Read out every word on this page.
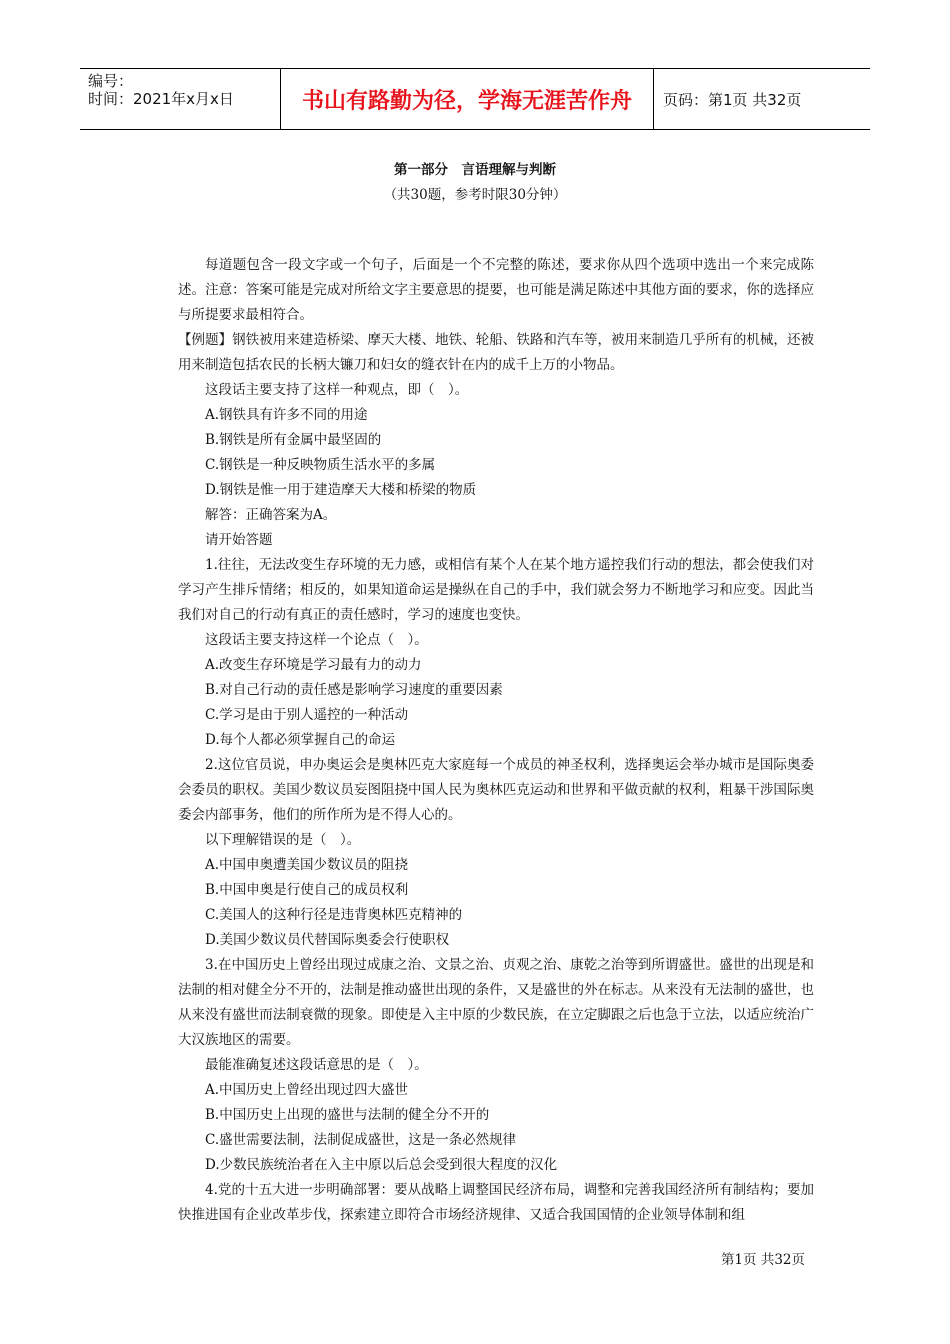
编号：
时间：2021年x月x日	书山有路勤为径，学海无涯苦作舟	页码：第1页 共32页
第一部分　言语理解与判断
（共30题，参考时限30分钟）

每道题包含一段文字或一个句子，后面是一个不完整的陈述，要求你从四个选项中选出一个来完成陈述。注意：答案可能是完成对所给文字主要意思的提要，也可能是满足陈述中其他方面的要求，你的选择应与所提要求最相符合。

【例题】钢铁被用来建造桥梁、摩天大楼、地铁、轮船、铁路和汽车等，被用来制造几乎所有的机械，还被用来制造包括农民的长柄大镰刀和妇女的缝衣针在内的成千上万的小物品。

这段话主要支持了这样一种观点，即（　）。

A.钢铁具有许多不同的用途

B.钢铁是所有金属中最坚固的

C.钢铁是一种反映物质生活水平的多属

D.钢铁是惟一用于建造摩天大楼和桥梁的物质

解答：正确答案为A。

请开始答题

1.往往，无法改变生存环境的无力感，或相信有某个人在某个地方遥控我们行动的想法，都会使我们对学习产生排斥情绪；相反的，如果知道命运是操纵在自己的手中，我们就会努力不断地学习和应变。因此当我们对自己的行动有真正的责任感时，学习的速度也变快。

这段话主要支持这样一个论点（　）。

A.改变生存环境是学习最有力的动力

B.对自己行动的责任感是影响学习速度的重要因素

C.学习是由于别人遥控的一种活动

D.每个人都必须掌握自己的命运

2.这位官员说，申办奥运会是奥林匹克大家庭每一个成员的神圣权利，选择奥运会举办城市是国际奥委会委员的职权。美国少数议员妄图阻挠中国人民为奥林匹克运动和世界和平做贡献的权利，粗暴干涉国际奥委会内部事务，他们的所作所为是不得人心的。

以下理解错误的是（　）。

A.中国申奥遭美国少数议员的阻挠

B.中国申奥是行使自己的成员权利

C.美国人的这种行径是违背奥林匹克精神的

D.美国少数议员代替国际奥委会行使职权

3.在中国历史上曾经出现过成康之治、文景之治、贞观之治、康乾之治等到所谓盛世。盛世的出现是和法制的相对健全分不开的，法制是推动盛世出现的条件，又是盛世的外在标志。从来没有无法制的盛世，也从来没有盛世而法制衰微的现象。即使是入主中原的少数民族，在立定脚跟之后也急于立法，以适应统治广大汉族地区的需要。

最能准确复述这段话意思的是（　）。

A.中国历史上曾经出现过四大盛世

B.中国历史上出现的盛世与法制的健全分不开的

C.盛世需要法制，法制促成盛世，这是一条必然规律

D.少数民族统治者在入主中原以后总会受到很大程度的汉化

4.党的十五大进一步明确部署：要从战略上调整国民经济布局，调整和完善我国经济所有制结构；要加快推进国有企业改革步伐，探索建立即符合市场经济规律、又适合我国国情的企业领导体制和组

第1页 共32页
